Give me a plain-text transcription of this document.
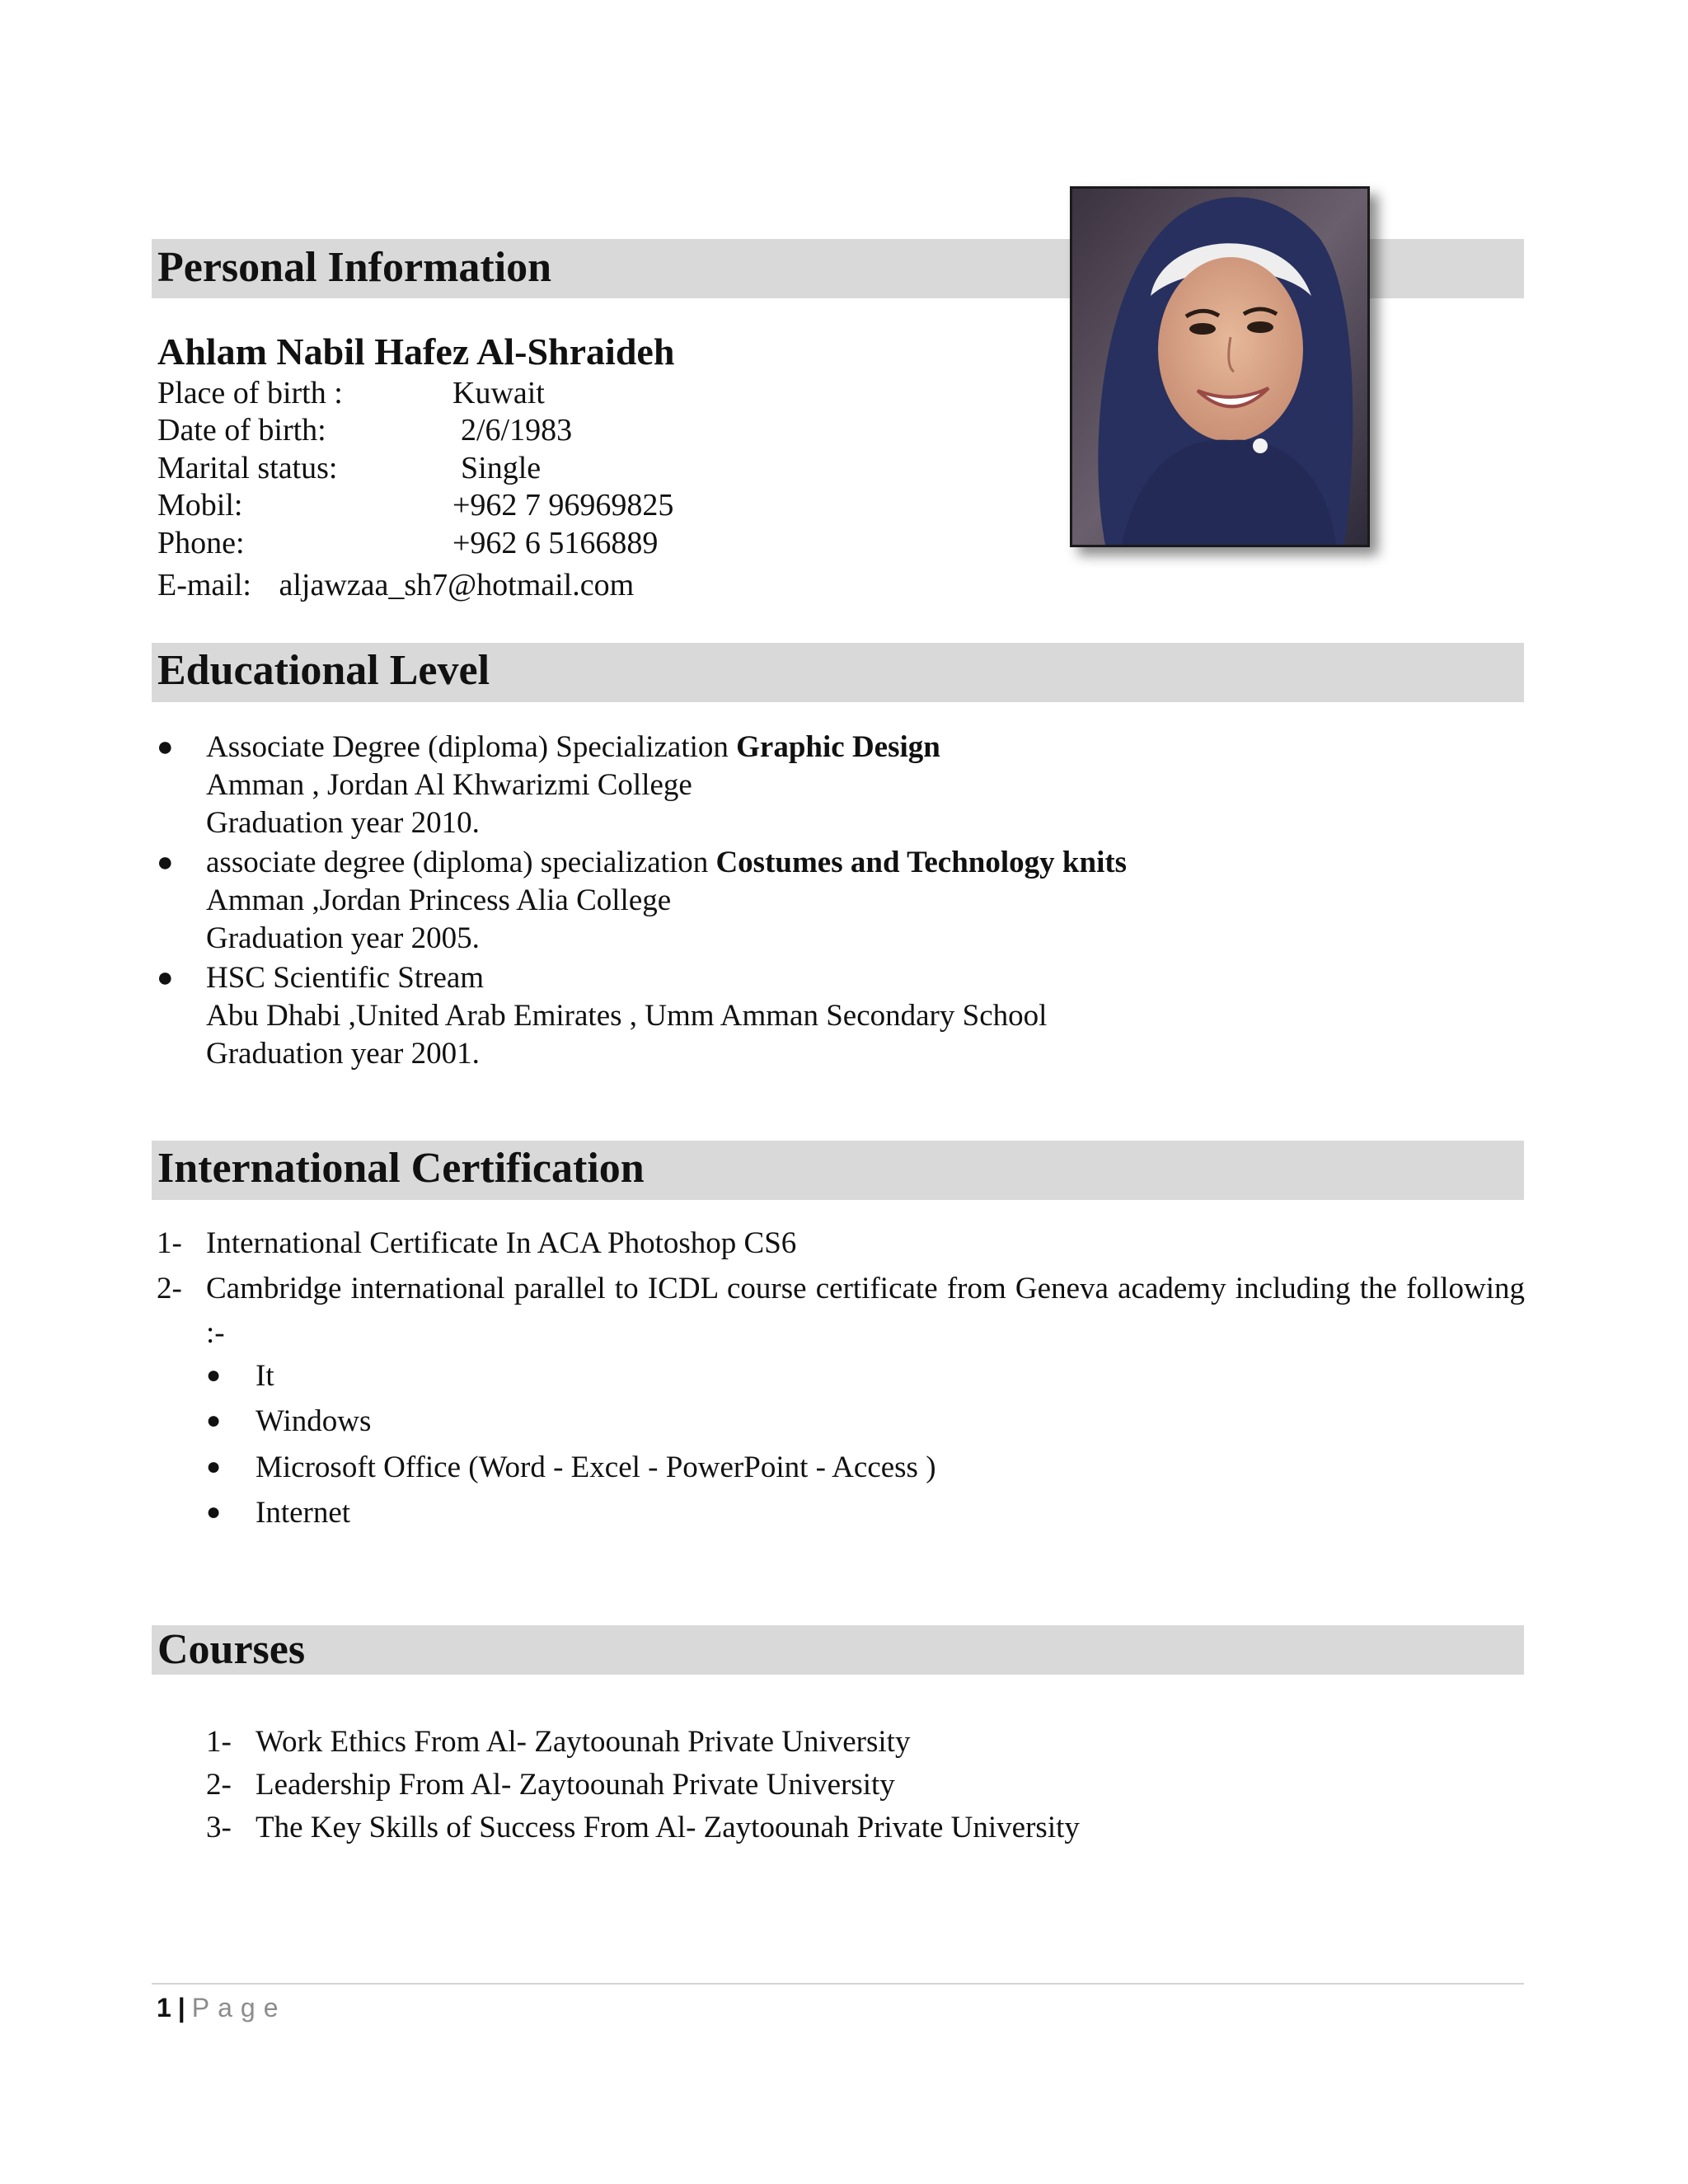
Personal Information
Ahlam Nabil Hafez Al-Shraideh
Place of birth :	Kuwait
Date of birth:	2/6/1983
Marital status:	Single
Mobil:	+962 7 96969825
Phone:	+962 6 5166889
E-mail: aljawzaa_sh7@hotmail.com
Educational Level
●	Associate Degree (diploma) Specialization Graphic Design
Amman , Jordan Al Khwarizmi College
Graduation year 2010.
●	associate degree (diploma) specialization Costumes and Technology knits
Amman ,Jordan Princess Alia College
Graduation year 2005.
●	HSC Scientific Stream
Abu Dhabi ,United Arab Emirates , Umm Amman Secondary School
Graduation year 2001.
International Certification
1- International Certificate In ACA Photoshop CS6
2- Cambridge international parallel to ICDL course certificate from Geneva academy including the following :-
● It
● Windows
● Microsoft Office (Word - Excel - PowerPoint - Access )
● Internet
Courses
1- Work Ethics From Al- Zaytoounah Private University
2- Leadership From Al- Zaytoounah Private University
3- The Key Skills of Success From Al- Zaytoounah Private University
1 | Page
